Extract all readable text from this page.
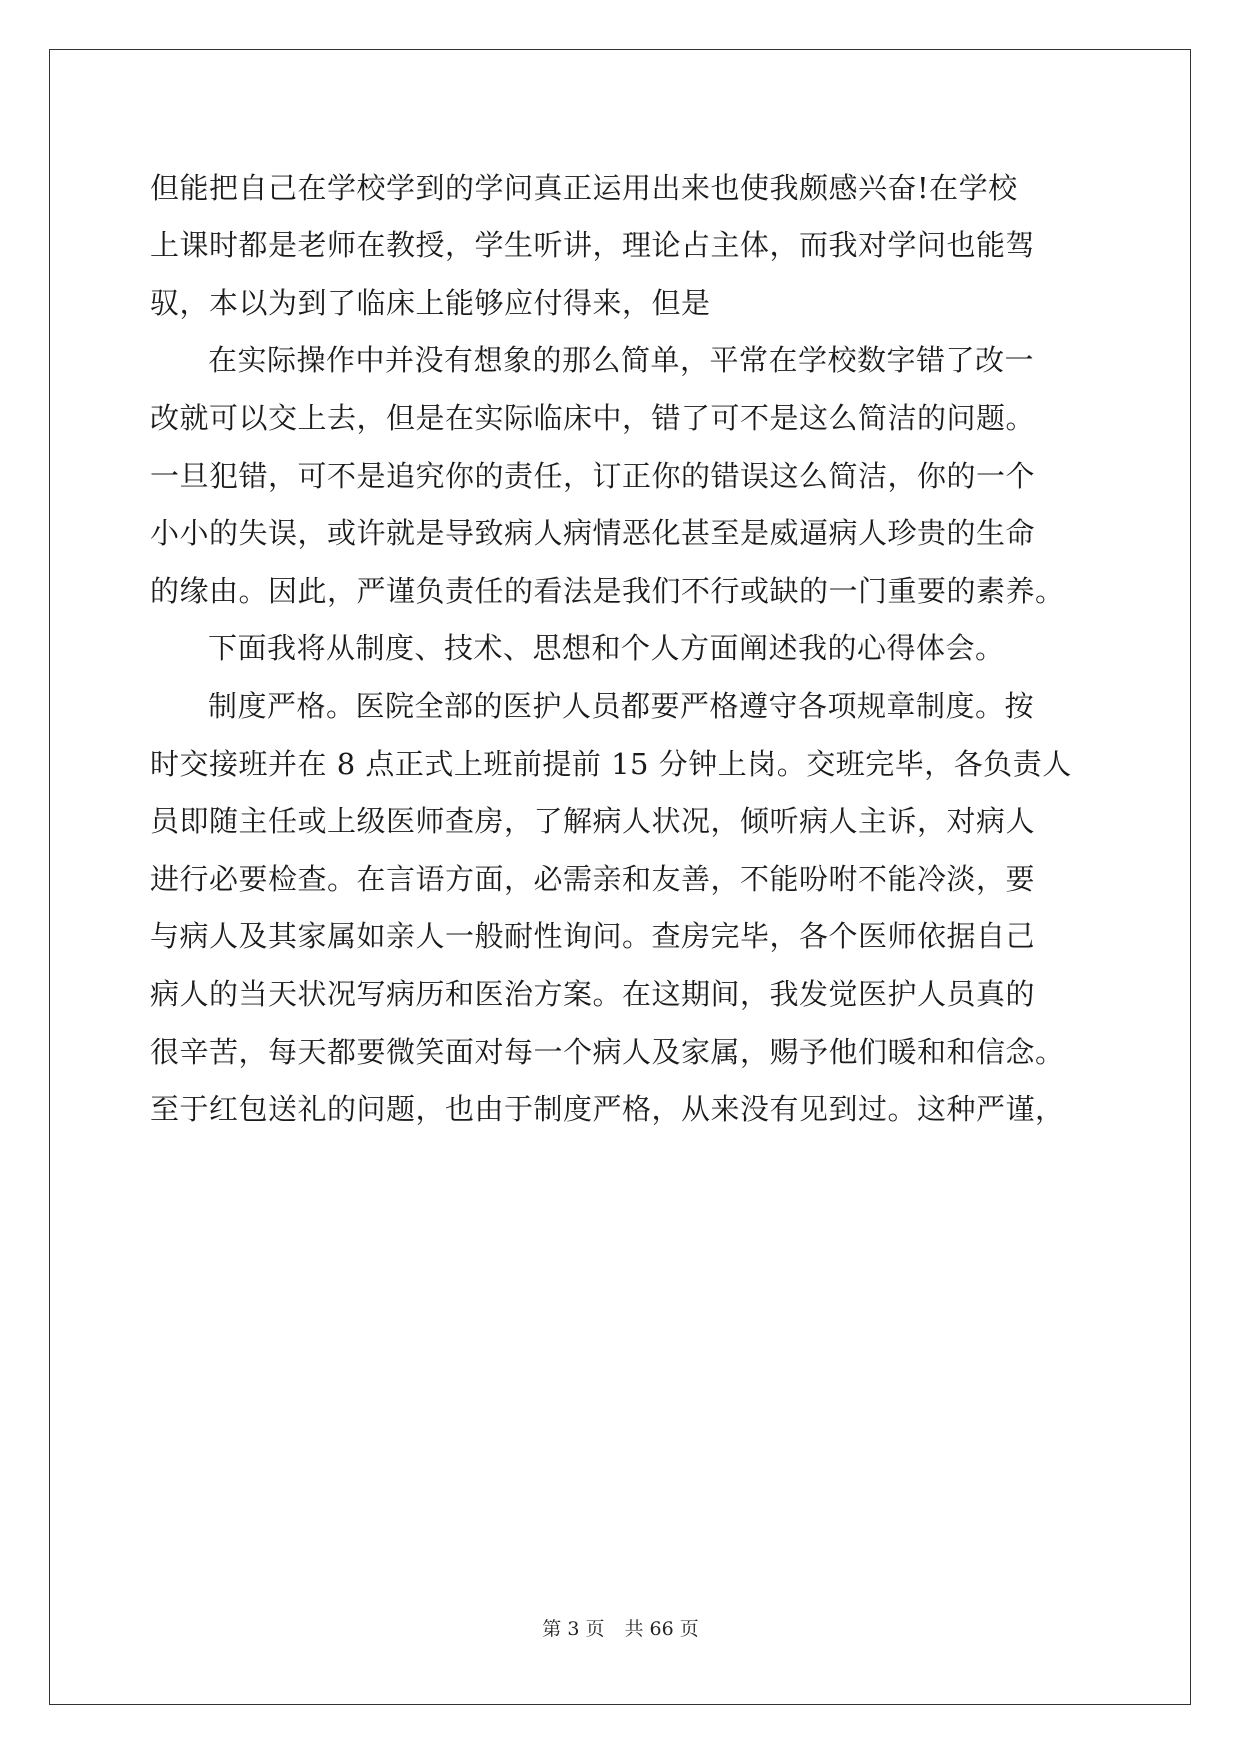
但能把自己在学校学到的学问真正运用出来也使我颇感兴奋!在学校
上课时都是老师在教授，学生听讲，理论占主体，而我对学问也能驾
驭，本以为到了临床上能够应付得来，但是
在实际操作中并没有想象的那么简单，平常在学校数字错了改一
改就可以交上去，但是在实际临床中，错了可不是这么简洁的问题。
一旦犯错，可不是追究你的责任，订正你的错误这么简洁，你的一个
小小的失误，或许就是导致病人病情恶化甚至是威逼病人珍贵的生命
的缘由。因此，严谨负责任的看法是我们不行或缺的一门重要的素养。
下面我将从制度、技术、思想和个人方面阐述我的心得体会。
制度严格。医院全部的医护人员都要严格遵守各项规章制度。按
时交接班并在 8 点正式上班前提前 15 分钟上岗。交班完毕，各负责人
员即随主任或上级医师查房，了解病人状况，倾听病人主诉，对病人
进行必要检查。在言语方面，必需亲和友善，不能吩咐不能冷淡，要
与病人及其家属如亲人一般耐性询问。查房完毕，各个医师依据自己
病人的当天状况写病历和医治方案。在这期间，我发觉医护人员真的
很辛苦，每天都要微笑面对每一个病人及家属，赐予他们暖和和信念。
至于红包送礼的问题，也由于制度严格，从来没有见到过。这种严谨，
第 3 页 共 66 页
